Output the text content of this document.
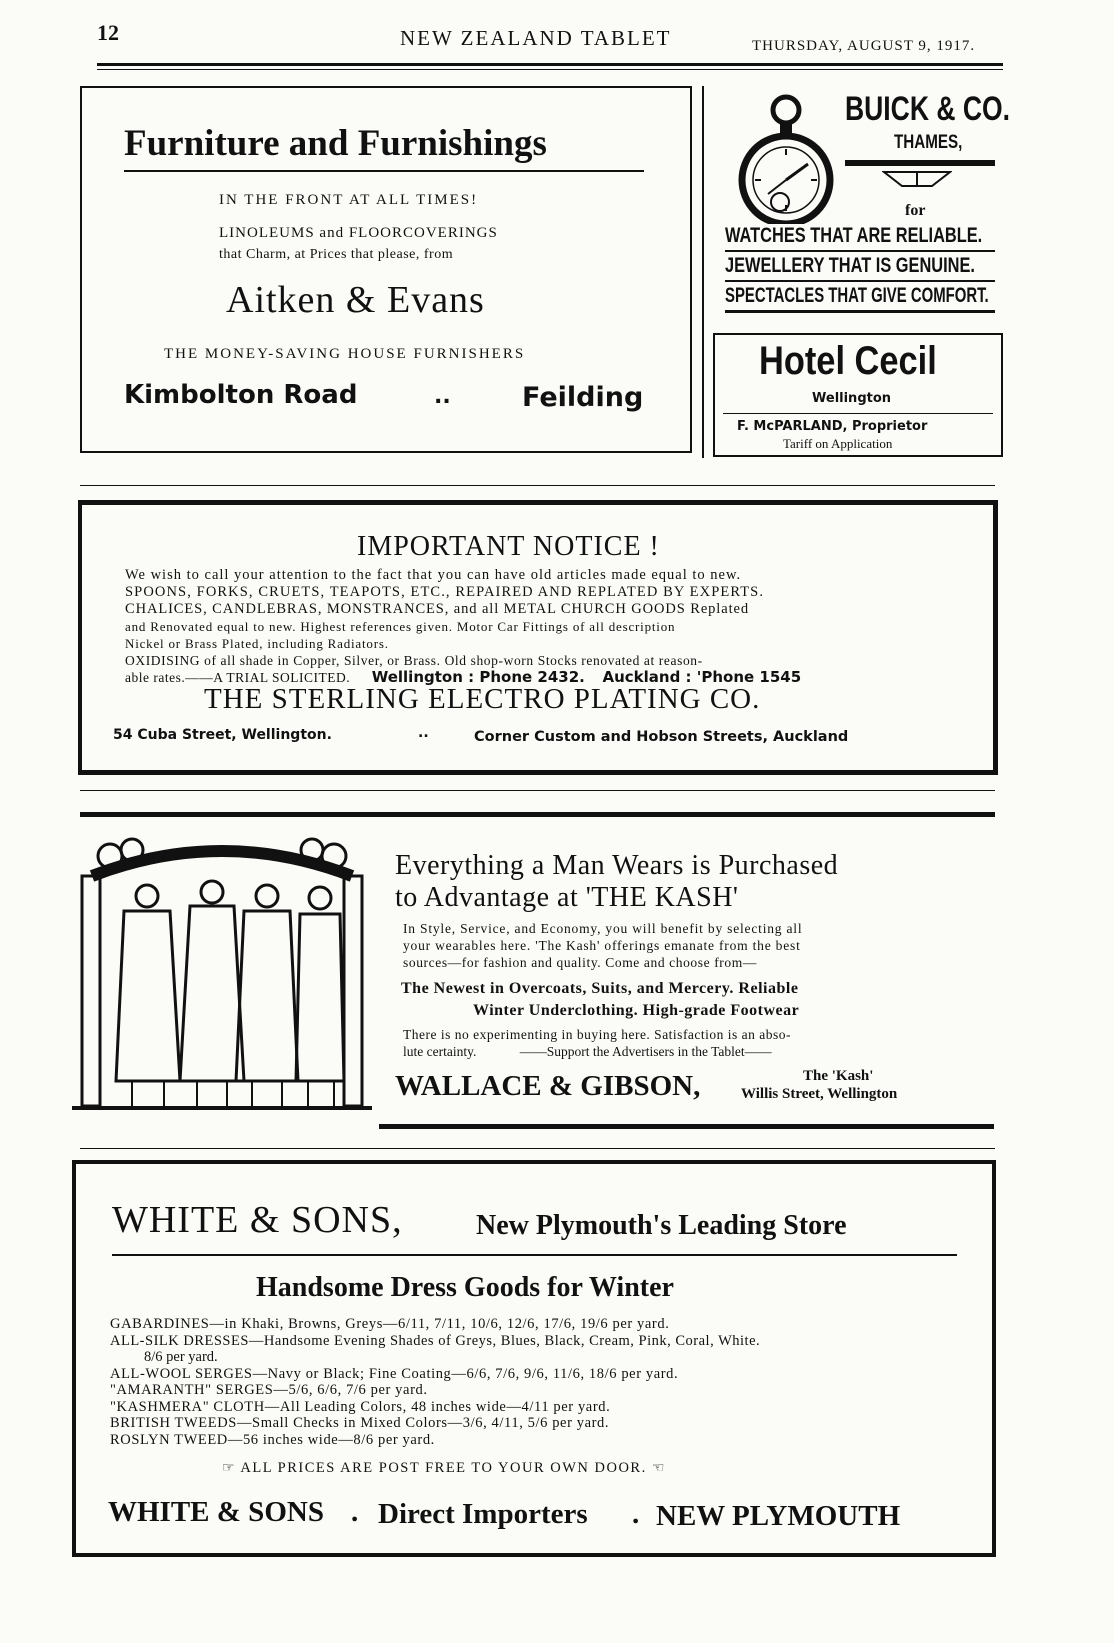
12	NEW ZEALAND TABLET	THURSDAY, AUGUST 9, 1917.
Furniture and Furnishings
IN THE FRONT AT ALL TIMES!
LINOLEUMS and FLOORCOVERINGS
that Charm, at Prices that please, from
Aitken & Evans
THE MONEY-SAVING HOUSE FURNISHERS
Kimbolton Road	..	Feilding
BUICK & CO.
THAMES,
for
WATCHES THAT ARE RELIABLE.
JEWELLERY THAT IS GENUINE.
SPECTACLES THAT GIVE COMFORT.
Hotel Cecil
Wellington
F. McPARLAND, Proprietor
Tariff on Application
IMPORTANT NOTICE !
We wish to call your attention to the fact that you can have old articles made equal to new.
SPOONS, FORKS, CRUETS, TEAPOTS, ETC., REPAIRED AND REPLATED BY EXPERTS.
CHALICES, CANDLEBRAS, MONSTRANCES, and all METAL CHURCH GOODS Replated
and Renovated equal to new. Highest references given. Motor Car Fittings of all description
Nickel or Brass Plated, including Radiators.
OXIDISING of all shade in Copper, Silver, or Brass. Old shop-worn Stocks renovated at reason-
able rates.——A TRIAL SOLICITED. Wellington : Phone 2432. Auckland : 'Phone 1545
THE STERLING ELECTRO PLATING CO.
54 Cuba Street, Wellington.	..	Corner Custom and Hobson Streets, Auckland
Everything a Man Wears is Purchased
to Advantage at 'THE KASH'
In Style, Service, and Economy, you will benefit by selecting all
your wearables here. 'The Kash' offerings emanate from the best
sources—for fashion and quality. Come and choose from—
The Newest in Overcoats, Suits, and Mercery. Reliable
Winter Underclothing. High-grade Footwear
There is no experimenting in buying here. Satisfaction is an abso-
lute certainty.	——Support the Advertisers in the Tablet——
WALLACE & GIBSON,	The 'Kash'
Willis Street, Wellington
WHITE & SONS,	New Plymouth's Leading Store
Handsome Dress Goods for Winter
GABARDINES—in Khaki, Browns, Greys—6/11, 7/11, 10/6, 12/6, 17/6, 19/6 per yard.
ALL-SILK DRESSES—Handsome Evening Shades of Greys, Blues, Black, Cream, Pink, Coral, White.
8/6 per yard.
ALL-WOOL SERGES—Navy or Black; Fine Coating—6/6, 7/6, 9/6, 11/6, 18/6 per yard.
"AMARANTH" SERGES—5/6, 6/6, 7/6 per yard.
"KASHMERA" CLOTH—All Leading Colors, 48 inches wide—4/11 per yard.
BRITISH TWEEDS—Small Checks in Mixed Colors—3/6, 4/11, 5/6 per yard.
ROSLYN TWEED—56 inches wide—8/6 per yard.
☞ ALL PRICES ARE POST FREE TO YOUR OWN DOOR. ☜
WHITE & SONS . Direct Importers . NEW PLYMOUTH
